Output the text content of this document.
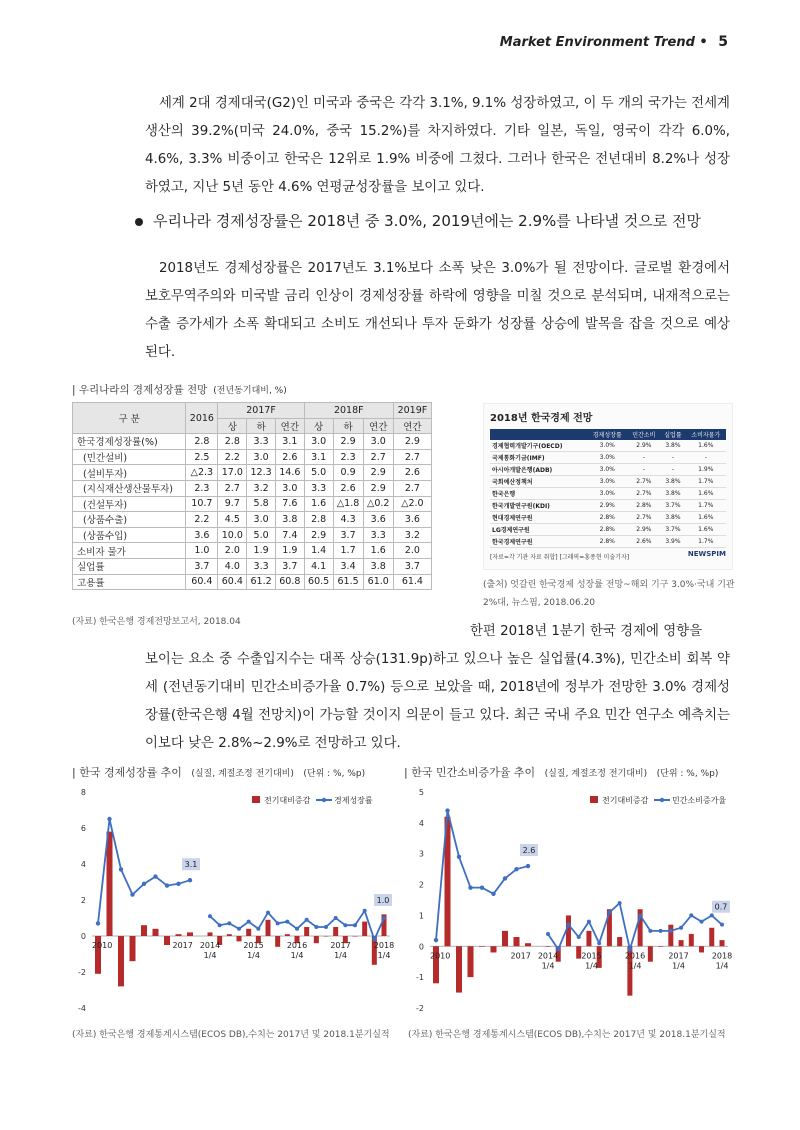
Market Environment Trend • 5

세계 2대 경제대국(G2)인 미국과 중국은 각각 3.1%, 9.1% 성장하였고, 이 두 개의 국가는 전세계 생산의 39.2%(미국 24.0%, 중국 15.2%)를 차지하였다. 기타 일본, 독일, 영국이 각각 6.0%, 4.6%, 3.3% 비중이고 한국은 12위로 1.9% 비중에 그쳤다. 그러나 한국은 전년대비 8.2%나 성장하였고, 지난 5년 동안 4.6% 연평균성장률을 보이고 있다.

우리나라 경제성장률은 2018년 중 3.0%, 2019년에는 2.9%를 나타낼 것으로 전망

2018년도 경제성장률은 2017년도 3.1%보다 소폭 낮은 3.0%가 될 전망이다. 글로벌 환경에서 보호무역주의와 미국발 금리 인상이 경제성장률 하락에 영향을 미칠 것으로 분석되며, 내재적으로는 수출 증가세가 소폭 확대되고 소비도 개선되나 투자 둔화가 성장률 상승에 발목을 잡을 것으로 예상된다.

| 우리나라의 경제성장률 전망 (전년동기대비, %)
구 분	2016	2017F			2018F			2019F
		상	하	연간	상	하	연간	연간
한국경제성장률(%)	2.8	2.8	3.3	3.1	3.0	2.9	3.0	2.9
(민간설비)	2.5	2.2	3.0	2.6	3.1	2.3	2.7	2.7
(설비투자)	△2.3	17.0	12.3	14.6	5.0	0.9	2.9	2.6
(지식재산생산물투자)	2.3	2.7	3.2	3.0	3.3	2.6	2.9	2.7
(건설투자)	10.7	9.7	5.8	7.6	1.6	△1.8	△0.2	△2.0
(상품수출)	2.2	4.5	3.0	3.8	2.8	4.3	3.6	3.6
(상품수입)	3.6	10.0	5.0	7.4	2.9	3.7	3.3	3.2
소비자 물가	1.0	2.0	1.9	1.9	1.4	1.7	1.6	2.0
실업률	3.7	4.0	3.3	3.7	4.1	3.4	3.8	3.7
고용률	60.4	60.4	61.2	60.8	60.5	61.5	61.0	61.4
(자료) 한국은행 경제전망보고서, 2018.04
2018년 한국경제 전망
	경제성장률	민간소비	실업률	소비자물가
경제협력개발기구(OECD)	3.0%	2.9%	3.8%	1.6%
국제통화기금(IMF)	3.0%	-	-	-
아시아개발은행(ADB)	3.0%	-	-	1.9%
국회예산정책처	3.0%	2.7%	3.8%	1.7%
한국은행	3.0%	2.7%	3.8%	1.6%
한국개발연구원(KDI)	2.9%	2.8%	3.7%	1.7%
현대경제연구원	2.8%	2.7%	3.8%	1.6%
LG경제연구원	2.8%	2.9%	3.7%	1.6%
한국경제연구원	2.8%	2.6%	3.9%	1.7%
[자료=각 기관 자료 취합] [그래픽=홍종현 미술기자]	NEWSPIM
(출처) 엇갈린 한국경제 성장률 전망~해외 기구 3.0%·국내 기관
2%대, 뉴스핌, 2018.06.20
한편 2018년 1분기 한국 경제에 영향을
보이는 요소 중 수출입지수는 대폭 상승(131.9p)하고 있으나 높은 실업률(4.3%), 민간소비 회복 약세 (전년동기대비 민간소비증가율 0.7%) 등으로 보았을 때, 2018년에 정부가 전망한 3.0% 경제성장률(한국은행 4월 전망치)이 가능할 것이지 의문이 들고 있다. 최근 국내 주요 민간 연구소 예측치는 이보다 낮은 2.8%~2.9%로 전망하고 있다.
| 한국 경제성장률 추이 (실질, 계절조정 전기대비) (단위 : %, %p)
8
6
4
2
0
-2
-4
전기대비증감	경제성장률
2010	2017
3.1
2014
1/4
2015
1/4
2016
1/4
2017
1/4
2018
1/4
1.0
(자료) 한국은행 경제통계시스템(ECOS DB),수치는 2017년 및 2018.1분기실적
| 한국 민간소비증가율 추이 (실질, 계절조정 전기대비) (단위 : %, %p)
5
4
3
2
1
0
-1
-2
전기대비증감	민간소비증가율
2010	2017
2.6
2014
1/4
2015
1/4
2016
1/4
2017
1/4
2018
1/4
0.7
(자료) 한국은행 경제통계시스템(ECOS DB),수치는 2017년 및 2018.1분기실적
